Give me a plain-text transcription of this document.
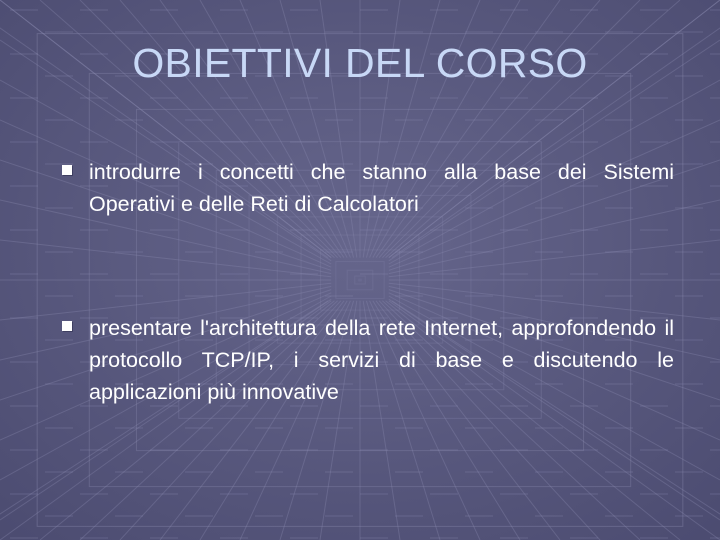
OBIETTIVI DEL CORSO
introdurre i concetti che stanno alla base dei Sistemi Operativi e delle Reti di Calcolatori
presentare l'architettura della rete Internet, approfondendo il protocollo TCP/IP, i servizi di base e discutendo le applicazioni più innovative
